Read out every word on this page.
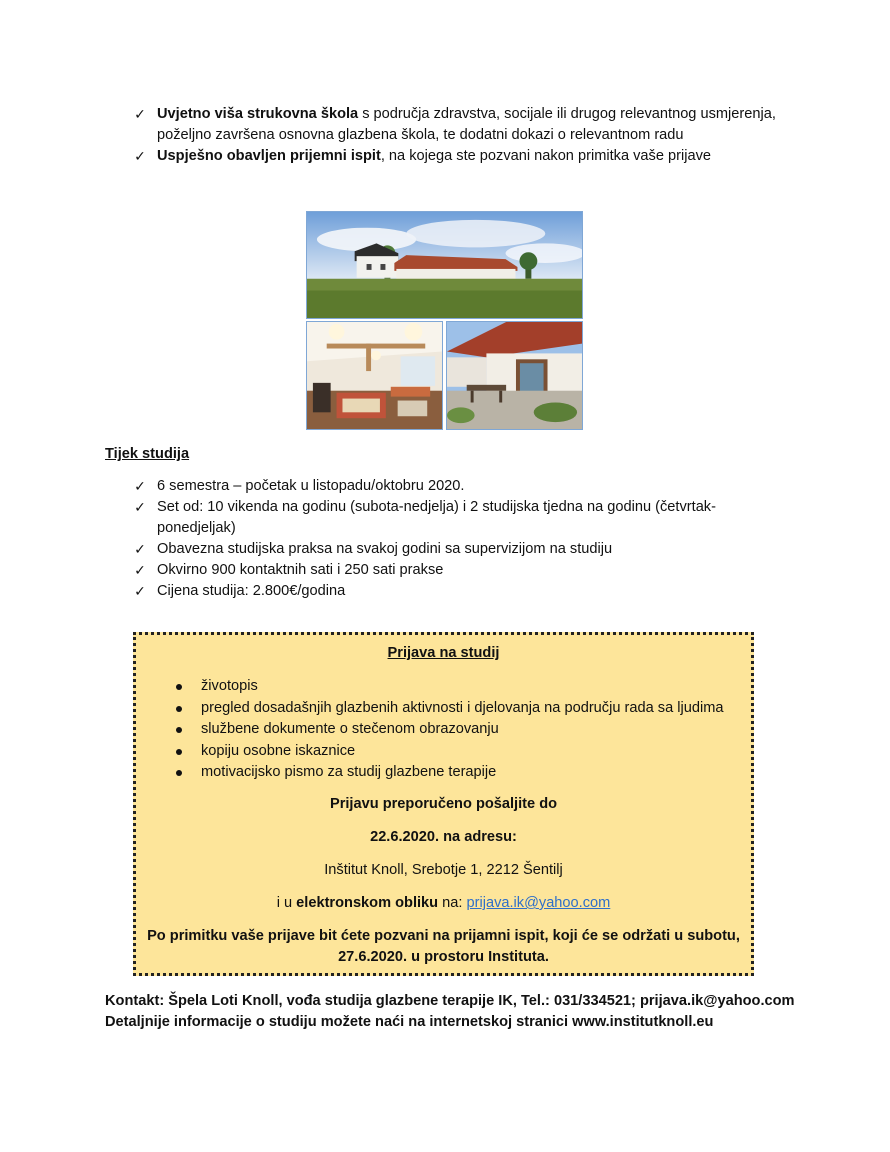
✓ Uvjetno viša strukovna škola s područja zdravstva, socijale ili drugog relevantnog usmjerenja, poželjno završena osnovna glazbena škola, te dodatni dokazi o relevantnom radu
✓ Uspješno obavljen prijemni ispit, na kojega ste pozvani nakon primitka vaše prijave
Tijek studija
✓ 6 semestra – početak u listopadu/oktobru 2020.
✓ Set od: 10 vikenda na godinu (subota-nedjelja) i 2 studijska tjedna na godinu (četvrtak-ponedjeljak)
✓ Obavezna studijska praksa na svakoj godini sa supervizijom na studiju
✓ Okvirno 900 kontaktnih sati i 250 sati prakse
✓ Cijena studija: 2.800€/godina
Prijava na studij
životopis
pregled dosadašnjih glazbenih aktivnosti i djelovanja na području rada sa ljudima
službene dokumente o stečenom obrazovanju
kopiju osobne iskaznice
motivacijsko pismo za studij glazbene terapije
Prijavu preporučeno pošaljite do
22.6.2020. na adresu:
Inštitut Knoll, Srebotje 1, 2212 Šentilj
i u elektronskom obliku na: prijava.ik@yahoo.com
Po primitku vaše prijave bit ćete pozvani na prijamni ispit, koji će se održati u subotu,
27.6.2020. u prostoru Instituta.
Kontakt: Špela Loti Knoll, vođa studija glazbene terapije IK, Tel.: 031/334521; prijava.ik@yahoo.com
Detaljnije informacije o studiju možete naći na internetskoj stranici www.institutknoll.eu
